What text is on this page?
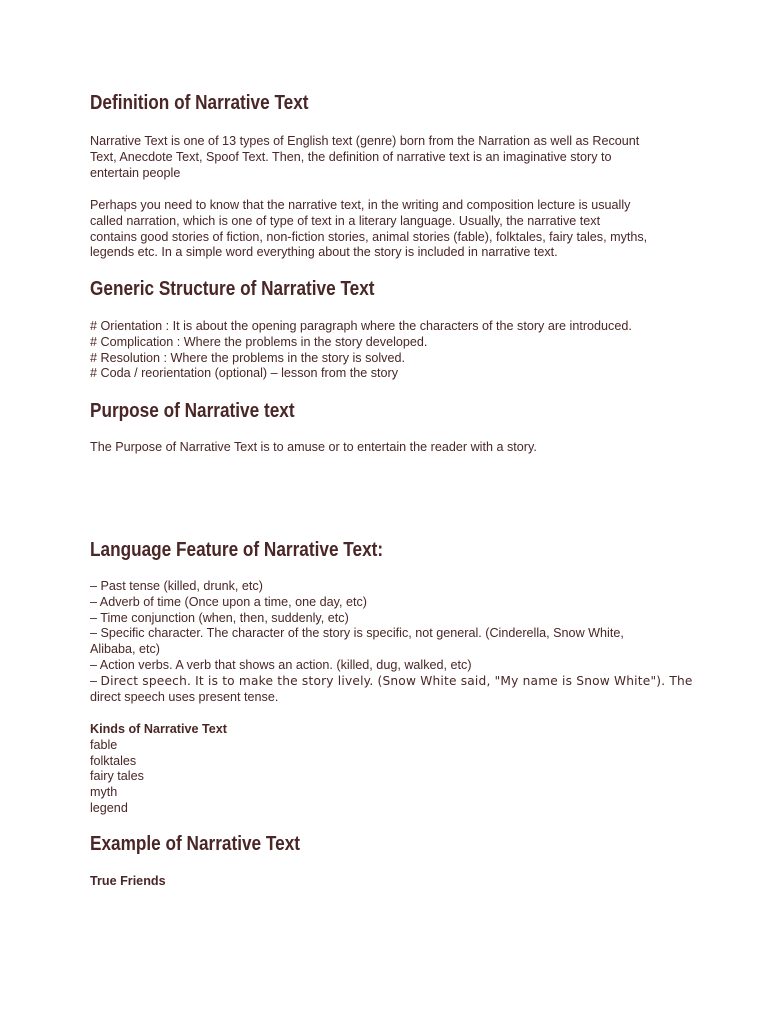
Definition of Narrative Text
Narrative Text is one of 13 types of English text (genre) born from the Narration as well as Recount
Text, Anecdote Text, Spoof Text. Then, the definition of narrative text is an imaginative story to
entertain people
Perhaps you need to know that the narrative text, in the writing and composition lecture is usually
called narration, which is one of type of text in a literary language. Usually, the narrative text
contains good stories of fiction, non-fiction stories, animal stories (fable), folktales, fairy tales, myths,
legends etc. In a simple word everything about the story is included in narrative text.
Generic Structure of Narrative Text
# Orientation : It is about the opening paragraph where the characters of the story are introduced.
# Complication : Where the problems in the story developed.
# Resolution : Where the problems in the story is solved.
# Coda / reorientation (optional) – lesson from the story
Purpose of Narrative text
The Purpose of Narrative Text is to amuse or to entertain the reader with a story.
Language Feature of Narrative Text:
– Past tense (killed, drunk, etc)
– Adverb of time (Once upon a time, one day, etc)
– Time conjunction (when, then, suddenly, etc)
– Specific character. The character of the story is specific, not general. (Cinderella, Snow White,
Alibaba, etc)
– Action verbs. A verb that shows an action. (killed, dug, walked, etc)
– Direct speech. It is to make the story lively. (Snow White said, "My name is Snow White"). The
direct speech uses present tense.
Kinds of Narrative Text
fable
folktales
fairy tales
myth
legend
Example of Narrative Text
True Friends
